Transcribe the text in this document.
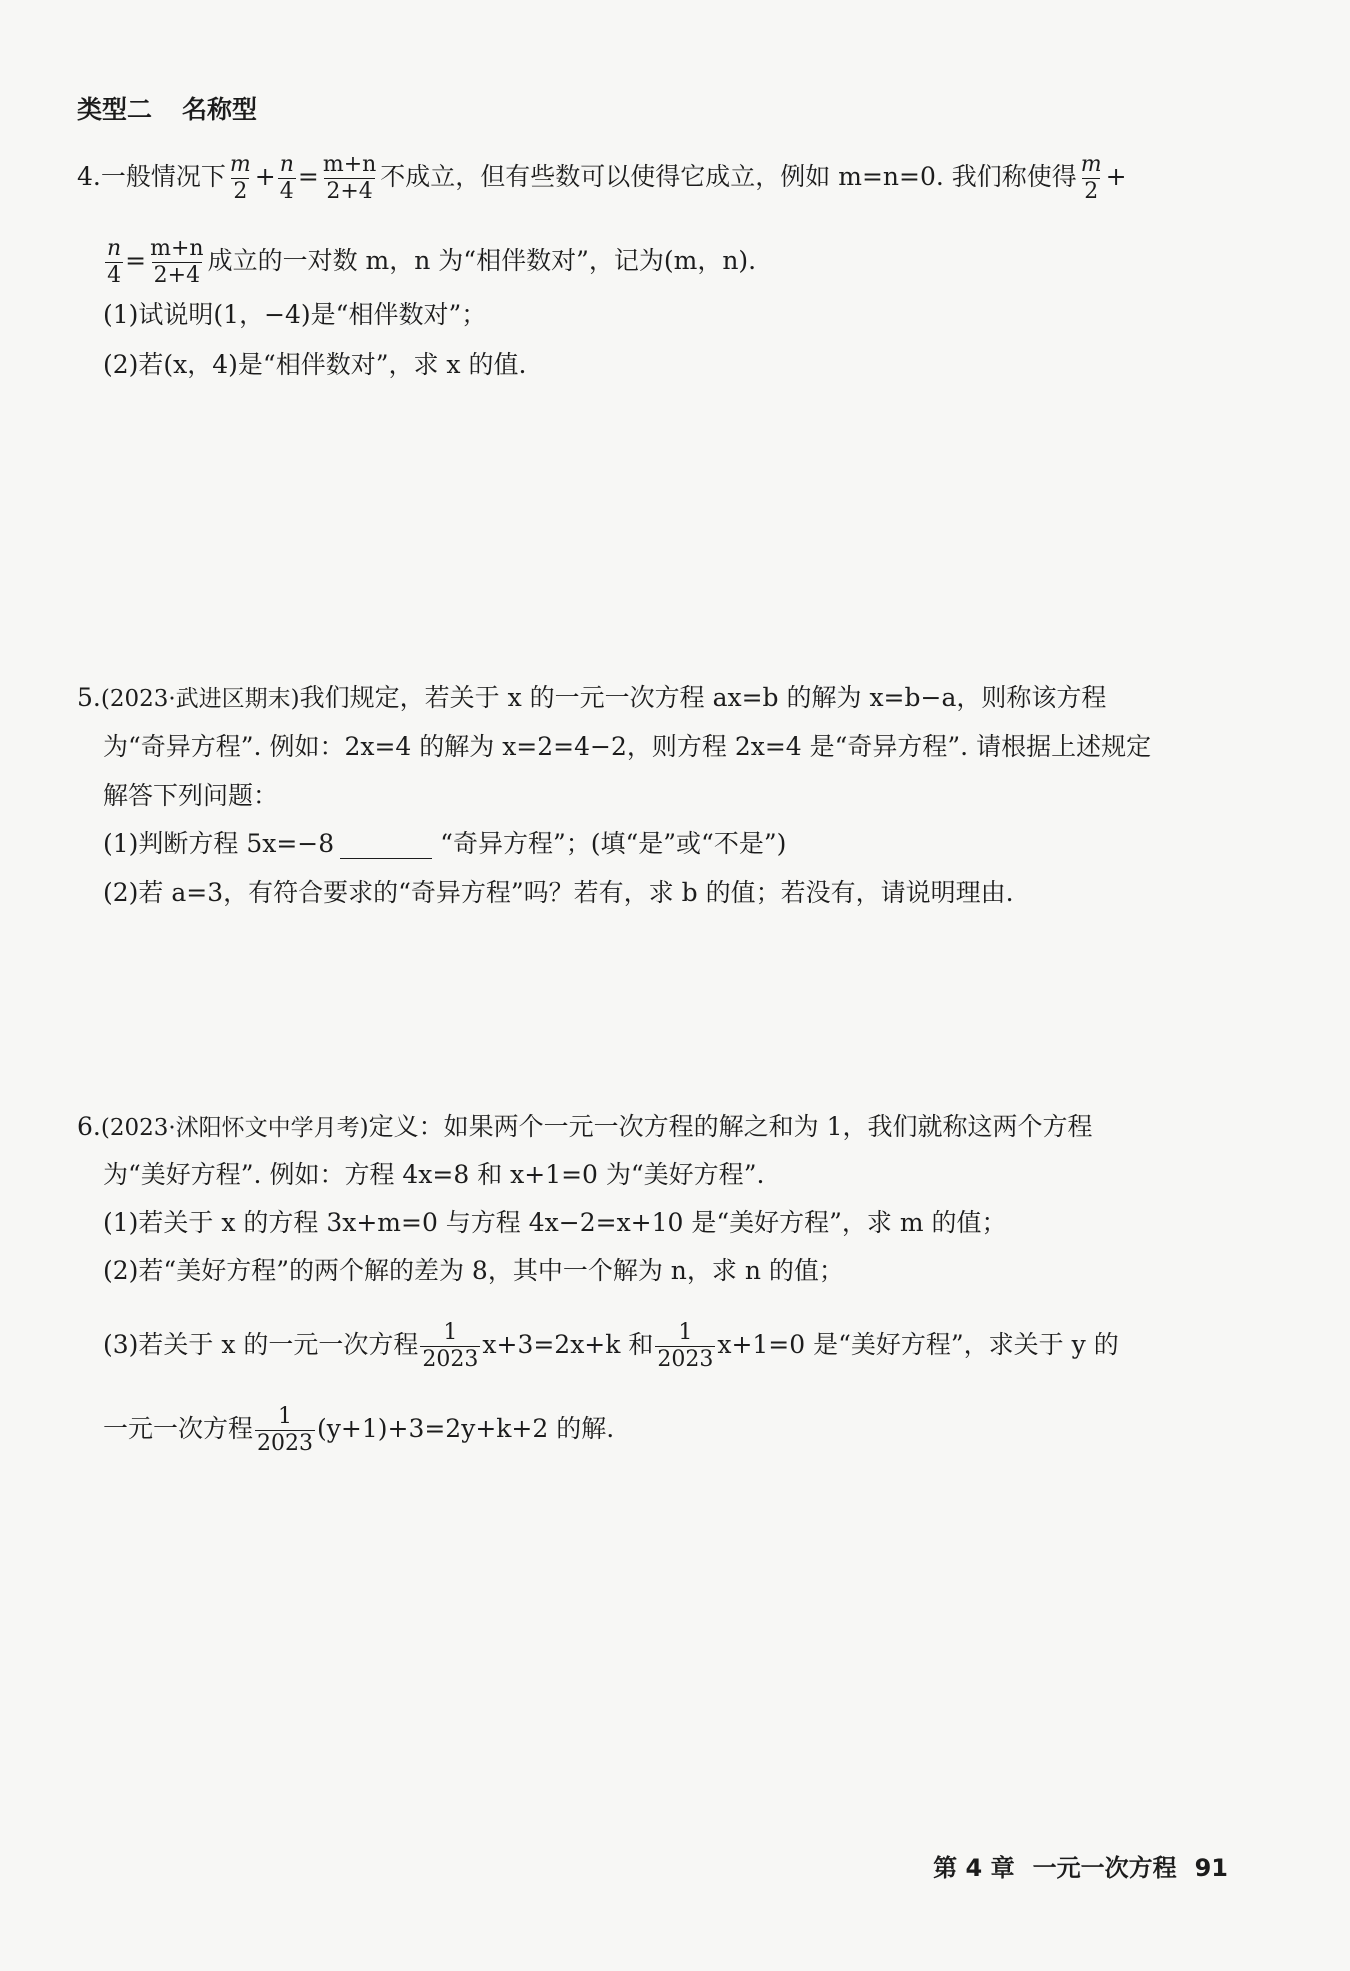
类型二 名称型
4.一般情况下 $\frac{m}{2} + \frac{n}{4} = \frac{m+n}{2+4}$ 不成立，但有些数可以使得它成立，例如 m=n=0. 我们称使得 $\frac{m}{2}$ +
$\frac{n}{4} = \frac{m+n}{2+4}$ 成立的一对数 m，n 为“相伴数对”，记为(m，n).
(1)试说明(1，−4)是“相伴数对”；
(2)若(x，4)是“相伴数对”，求 x 的值.
5.(2023·武进区期末)我们规定，若关于 x 的一元一次方程 ax=b 的解为 x=b−a，则称该方程
为“奇异方程”. 例如：2x=4 的解为 x=2=4−2，则方程 2x=4 是“奇异方程”. 请根据上述规定
解答下列问题：
(1)判断方程 5x=−8	“奇异方程”；(填“是”或“不是”)
(2)若 a=3，有符合要求的“奇异方程”吗？若有，求 b 的值；若没有，请说明理由.
6.(2023·沭阳怀文中学月考)定义：如果两个一元一次方程的解之和为 1，我们就称这两个方程
为“美好方程”. 例如：方程 4x=8 和 x+1=0 为“美好方程”.
(1)若关于 x 的方程 3x+m=0 与方程 4x−2=x+10 是“美好方程”，求 m 的值；
(2)若“美好方程”的两个解的差为 8，其中一个解为 n，求 n 的值；
(3)若关于 x 的一元一次方程 $\frac{1}{2023} x+3=2x+k$ 和 $\frac{1}{2023} x+1=0$ 是“美好方程”，求关于 y 的
一元一次方程 $\frac{1}{2023} (y+1)+3=2y+k+2$ 的解.
第 4 章 一元一次方程 91
